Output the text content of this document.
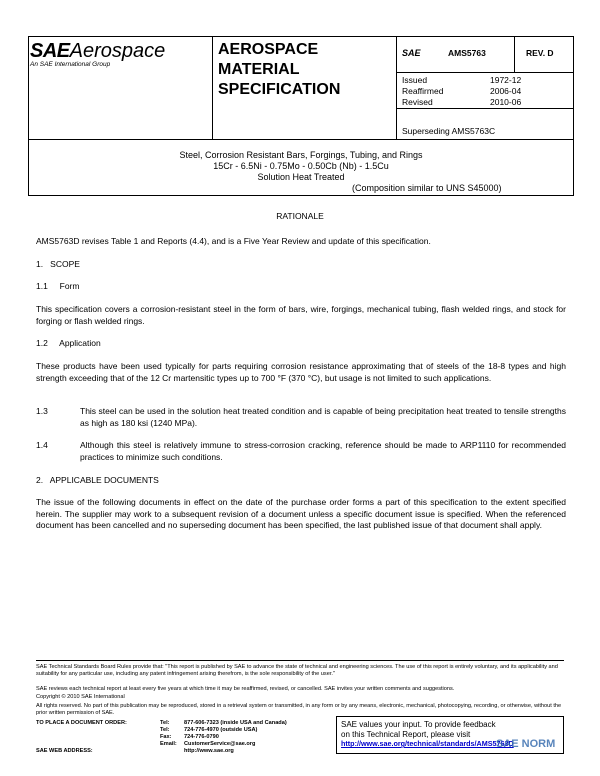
SAEAerospace
An SAE International Group
AEROSPACE
MATERIAL
SPECIFICATION
SAE	AMS5763	REV. D
Issued	1972-12
Reaffirmed	2006-04
Revised	2010-06
Superseding AMS5763C
Steel, Corrosion Resistant Bars, Forgings, Tubing, and Rings
15Cr - 6.5Ni - 0.75Mo - 0.50Cb (Nb) - 1.5Cu
Solution Heat Treated
(Composition similar to UNS S45000)
RATIONALE
AMS5763D revises Table 1 and Reports (4.4), and is a Five Year Review and update of this specification.
1.   SCOPE
1.1     Form
This specification covers a corrosion-resistant steel in the form of bars, wire, forgings, mechanical tubing, flash welded rings, and stock for forging or flash welded rings.
1.2     Application
These products have been used typically for parts requiring corrosion resistance approximating that of steels of the 18-8 types and high strength exceeding that of the 12 Cr martensitic types up to 700 °F (370 °C), but usage is not limited to such applications.
1.3	This steel can be used in the solution heat treated condition and is capable of being precipitation heat treated to tensile strengths as high as 180 ksi (1240 MPa).
1.4	Although this steel is relatively immune to stress-corrosion cracking, reference should be made to ARP1110 for recommended practices to minimize such conditions.
2.   APPLICABLE DOCUMENTS
The issue of the following documents in effect on the date of the purchase order forms a part of this specification to the extent specified herein. The supplier may work to a subsequent revision of a document unless a specific document issue is specified. When the referenced document has been cancelled and no superseding document has been specified, the last published issue of that document shall apply.
SAE Technical Standards Board Rules provide that: "This report is published by SAE to advance the state of technical and engineering sciences. The use of this report is entirely voluntary, and its applicability and suitability for any particular use, including any patent infringement arising therefrom, is the sole responsibility of the user."
SAE reviews each technical report at least every five years at which time it may be reaffirmed, revised, or cancelled. SAE invites your written comments and suggestions.
Copyright © 2010 SAE International
All rights reserved. No part of this publication may be reproduced, stored in a retrieval system or transmitted, in any form or by any means, electronic, mechanical, photocopying, recording, or otherwise, without the prior written permission of SAE.
TO PLACE A DOCUMENT ORDER:	Tel:	877-606-7323 (inside USA and Canada)
Tel:	724-776-4970 (outside USA)
Fax: 724-776-0790
Email: CustomerService@sae.org
SAE WEB ADDRESS:	http://www.sae.org
SAE values your input. To provide feedback
on this Technical Report, please visit
http://www.sae.org/technical/standards/AMS5763D
SAE NORM
